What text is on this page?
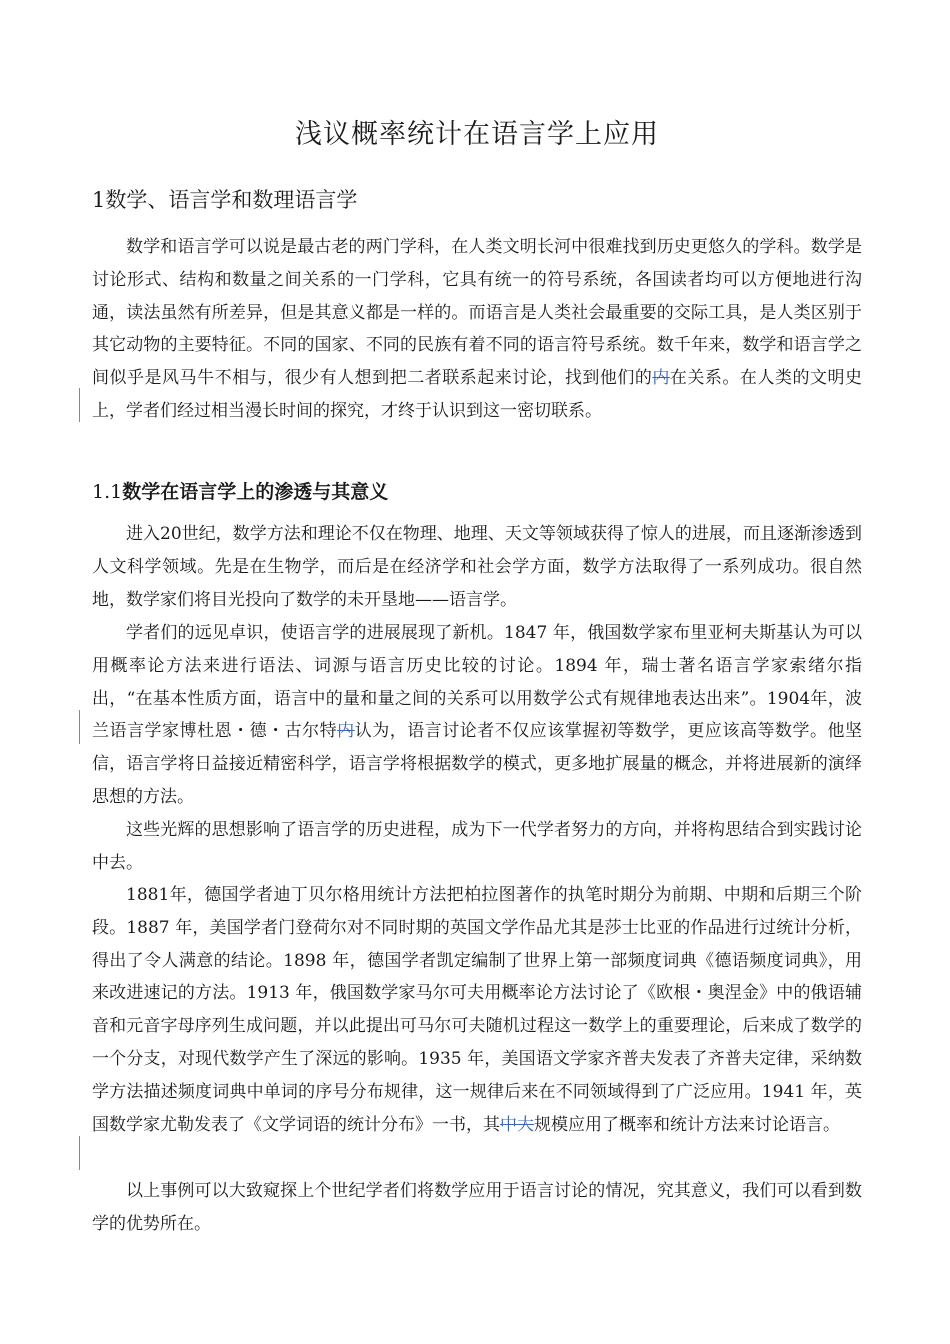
浅议概率统计在语言学上应用
1数学、语言学和数理语言学

数学和语言学可以说是最古老的两门学科，在人类文明长河中很难找到历史更悠久的学科。数学是讨论形式、结构和数量之间关系的一门学科，它具有统一的符号系统，各国读者均可以方便地进行沟通，读法虽然有所差异，但是其意义都是一样的。而语言是人类社会最重要的交际工具，是人类区别于其它动物的主要特征。不同的国家、不同的民族有着不同的语言符号系统。数千年来，数学和语言学之间似乎是风马牛不相与，很少有人想到把二者联系起来讨论，找到他们的内在关系。在人类的文明史上，学者们经过相当漫长时间的探究，才终于认识到这一密切联系。

1.1数学在语言学上的渗透与其意义

进入20世纪，数学方法和理论不仅在物理、地理、天文等领域获得了惊人的进展，而且逐渐渗透到人文科学领域。先是在生物学，而后是在经济学和社会学方面，数学方法取得了一系列成功。很自然地，数学家们将目光投向了数学的未开垦地——语言学。

学者们的远见卓识，使语言学的进展展现了新机。1847 年，俄国数学家布里亚柯夫斯基认为可以用概率论方法来进行语法、词源与语言历史比较的讨论。1894 年，瑞士著名语言学家索绪尔指出，“在基本性质方面，语言中的量和量之间的关系可以用数学公式有规律地表达出来”。1904年，波兰语言学家博杜恩・德・古尔特内认为，语言讨论者不仅应该掌握初等数学，更应该高等数学。他坚信，语言学将日益接近精密科学，语言学将根据数学的模式，更多地扩展量的概念，并将进展新的演绎思想的方法。

这些光辉的思想影响了语言学的历史进程，成为下一代学者努力的方向，并将构思结合到实践讨论中去。

1881年，德国学者迪丁贝尔格用统计方法把柏拉图著作的执笔时期分为前期、中期和后期三个阶段。1887 年，美国学者门登荷尔对不同时期的英国文学作品尤其是莎士比亚的作品进行过统计分析，得出了令人满意的结论。1898 年，德国学者凯定编制了世界上第一部频度词典《德语频度词典》，用来改进速记的方法。1913 年，俄国数学家马尔可夫用概率论方法讨论了《欧根・奥涅金》中的俄语辅音和元音字母序列生成问题，并以此提出可马尔可夫随机过程这一数学上的重要理论，后来成了数学的一个分支，对现代数学产生了深远的影响。1935 年，美国语文学家齐普夫发表了齐普夫定律，采纳数学方法描述频度词典中单词的序号分布规律，这一规律后来在不同领域得到了广泛应用。1941 年，英国数学家尤勒发表了《文学词语的统计分布》一书，其中大规模应用了概率和统计方法来讨论语言。

以上事例可以大致窥探上个世纪学者们将数学应用于语言讨论的情况，究其意义，我们可以看到数学的优势所在。
